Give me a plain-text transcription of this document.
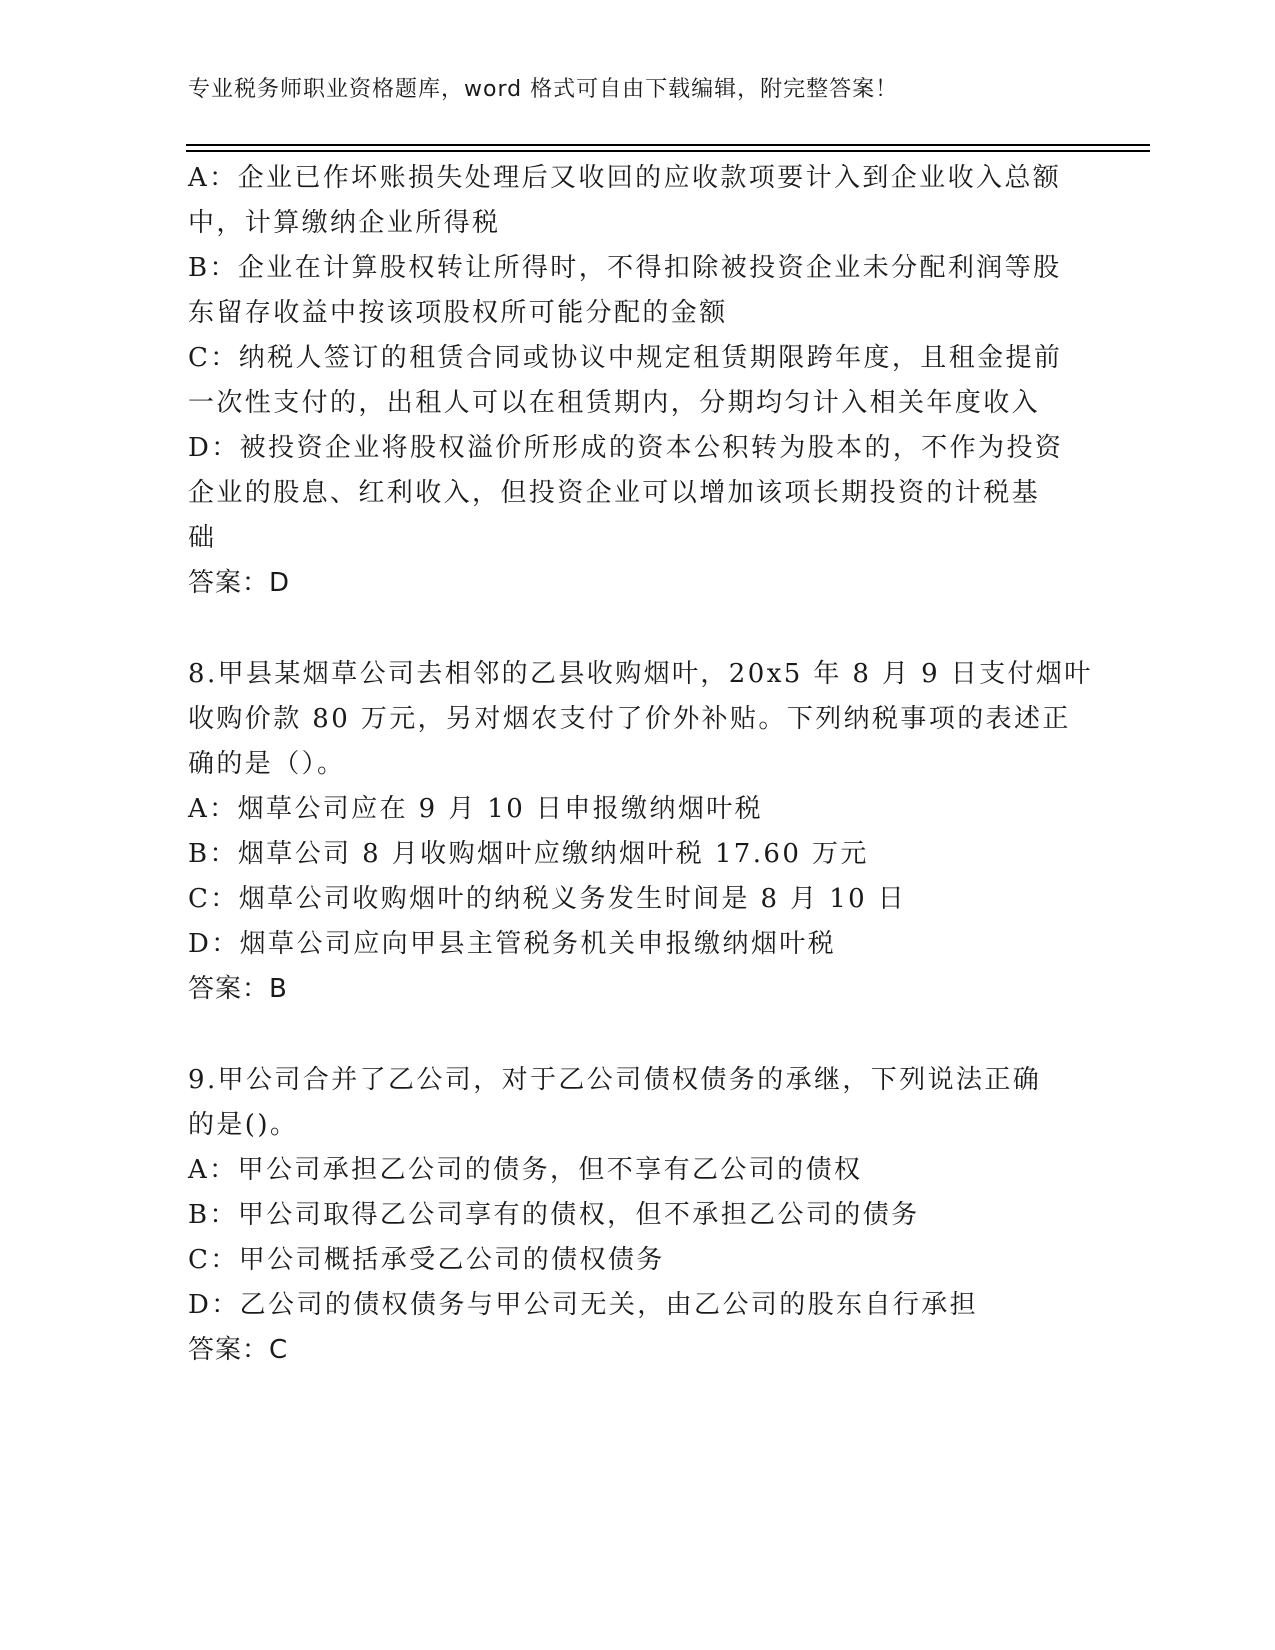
专业税务师职业资格题库，word 格式可自由下载编辑，附完整答案！
A：企业已作坏账损失处理后又收回的应收款项要计入到企业收入总额
中，计算缴纳企业所得税
B：企业在计算股权转让所得时，不得扣除被投资企业未分配利润等股
东留存收益中按该项股权所可能分配的金额
C：纳税人签订的租赁合同或协议中规定租赁期限跨年度，且租金提前
一次性支付的，出租人可以在租赁期内，分期均匀计入相关年度收入
D：被投资企业将股权溢价所形成的资本公积转为股本的，不作为投资
企业的股息、红利收入，但投资企业可以增加该项长期投资的计税基
础
答案：D
8.甲县某烟草公司去相邻的乙县收购烟叶，20x5 年 8 月 9 日支付烟叶
收购价款 80 万元，另对烟农支付了价外补贴。下列纳税事项的表述正
确的是（）。
A：烟草公司应在 9 月 10 日申报缴纳烟叶税
B：烟草公司 8 月收购烟叶应缴纳烟叶税 17.60 万元
C：烟草公司收购烟叶的纳税义务发生时间是 8 月 10 日
D：烟草公司应向甲县主管税务机关申报缴纳烟叶税
答案：B
9.甲公司合并了乙公司，对于乙公司债权债务的承继，下列说法正确
的是()。
A：甲公司承担乙公司的债务，但不享有乙公司的债权
B：甲公司取得乙公司享有的债权，但不承担乙公司的债务
C：甲公司概括承受乙公司的债权债务
D：乙公司的债权债务与甲公司无关，由乙公司的股东自行承担
答案：C
